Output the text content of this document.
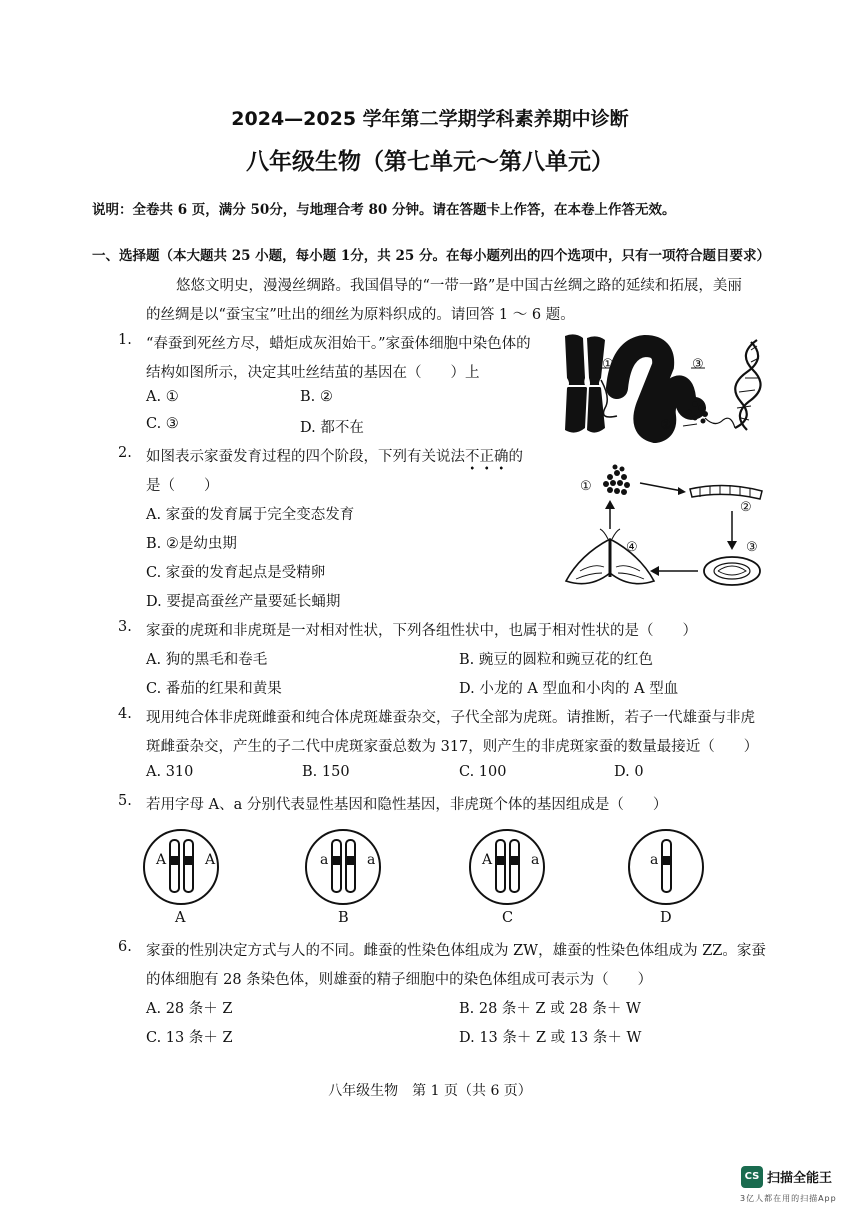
2024—2025 学年第二学期学科素养期中诊断
八年级生物（第七单元～第八单元）
说明：全卷共 6 页，满分 50分，与地理合考 80 分钟。请在答题卡上作答，在本卷上作答无效。
一、选择题（本大题共 25 小题，每小题 1分，共 25 分。在每小题列出的四个选项中，只有一项符合题目要求）
悠悠文明史，漫漫丝绸路。我国倡导的“一带一路”是中国古丝绸之路的延续和拓展，美丽
的丝绸是以“蚕宝宝”吐出的细丝为原料织成的。请回答 1 ～ 6 题。
1. “春蚕到死丝方尽，蜡炬成灰泪始干。”家蚕体细胞中染色体的
结构如图所示，决定其吐丝结茧的基因在（　　）上
A. ①	B. ②
C. ③	D. 都不在
①
②
③
2. 如图表示家蚕发育过程的四个阶段，下列有关说法不正确的
是（　　）
A. 家蚕的发育属于完全变态发育
B. ②是幼虫期
C. 家蚕的发育起点是受精卵
D. 要提高蚕丝产量要延长蛹期
①
②
③
④
3. 家蚕的虎斑和非虎斑是一对相对性状，下列各组性状中，也属于相对性状的是（　　）
A. 狗的黑毛和卷毛	B. 豌豆的圆粒和豌豆花的红色
C. 番茄的红果和黄果	D. 小龙的 A 型血和小肉的 A 型血
4. 现用纯合体非虎斑雌蚕和纯合体虎斑雄蚕杂交，子代全部为虎斑。请推断，若子一代雄蚕与非虎
斑雌蚕杂交，产生的子二代中虎斑家蚕总数为 317，则产生的非虎斑家蚕的数量最接近（　　）
A. 310	B. 150	C. 100	D. 0
5. 若用字母 A、a 分别代表显性基因和隐性基因，非虎斑个体的基因组成是（　　）
A	A
A
a	a
B
A	a
C
a
D
6. 家蚕的性别决定方式与人的不同。雌蚕的性染色体组成为 ZW，雄蚕的性染色体组成为 ZZ。家蚕
的体细胞有 28 条染色体，则雄蚕的精子细胞中的染色体组成可表示为（　　）
A. 28 条＋ Z	B. 28 条＋ Z 或 28 条＋ W
C. 13 条＋ Z	D. 13 条＋ Z 或 13 条＋ W
八年级生物　第 1 页（共 6 页）
CS 扫描全能王
3亿人都在用的扫描App
